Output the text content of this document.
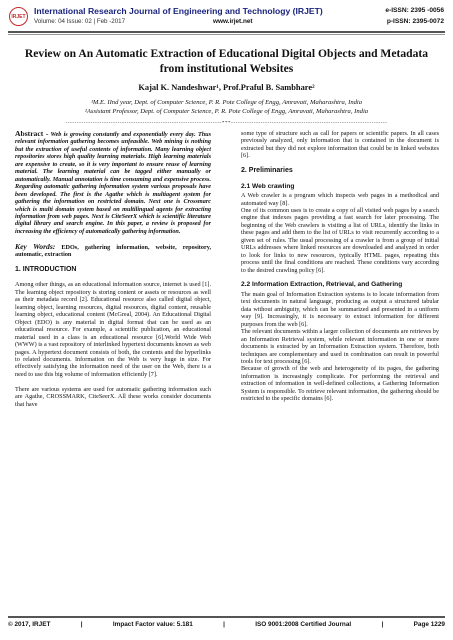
IRJET
International Research Journal of Engineering and Technology (IRJET)
Volume: 04 Issue: 02 | Feb -2017	www.irjet.net
e-ISSN: 2395 -0056
p-ISSN: 2395-0072
Review on An Automatic Extraction of Educational Digital Objects and Metadata from institutional Websites
Kajal K. Nandeshwar¹, Prof.Praful B. Sambhare²
¹M.E. IInd year, Dept. of Computer Science, P. R. Pote College of Engg, Amravati, Maharashtra, India
²Assistant Professor, Dept. of Computer Science, P. R. Pote College of Engg, Amravati, Maharashtra, India
---------------------------------------------------------------------***---------------------------------------------------------------------

Abstract - Web is growing constantly and exponentially every day. Thus relevant information gathering becomes unfeasible. Web mining is nothing but the extraction of useful contents of information. Many learning object repositories stores high quality learning materials. High learning materials are expensive to create, so it is very important to ensure reuse of learning material. The learning material can be tagged either manually or automatically. Manual annotation is time consuming and expensive process. Regarding automatic gathering information system various proposals have been developed. The first is the Agathe which is multiagent system for gathering the information on restricted domain. Next one is Crossmarc which is multi domain system based on multilingual agents for extracting information from web pages. Next is CiteSeerX which is scientific literature digital library and search engine. In this paper, a review is proposed for increasing the efficiency of automatically gathering information.

Key Words: EDOs, gathering information, website, repository, automatic, extraction

1. INTRODUCTION

Among other things, as an educational information source, internet is used [1]. The learning object repository is storing content or assets or resources as well as their metadata record [2]. Educational resource also called digital object, learning object, learning resources, digital resources, digital content, reusable learning object, educational content (McGreal, 2004). An Educational Digital Object (EDO) is any material in digital format that can be used as an educational resource. For example, a scientific publication, an educational material used in a class is an educational resource [6].World Wide Web (WWW) is a vast repository of interlinked hypertext documents known as web pages. A hypertext document consists of both, the contents and the hyperlinks to related documents. Information on the Web is very huge in size. For effectively satisfying the information need of the user on the Web, there is a need to use this big volume of information efficiently [7].

There are various systems are used for automatic gathering information such are Agathe, CROSSMARK, CiteSeerX. All these works consider documents that have

some type of structure such as call for papers or scientific papers. In all cases previously analyzed, only information that is contained in the document is extracted but they did not explore information that could be in linked websites [6].

2. Preliminaries
2.1 Web crawling

A Web crawler is a program which inspects web pages in a methodical and automated way [8].

One of its common uses is to create a copy of all visited web pages by a search engine that indexes pages providing a fast search for later processing. The beginning of the Web crawlers is visiting a list of URLs, identify the links in these pages and add them to the list of URLs to visit recurrently according to a given set of rules. The usual processing of a crawler is from a group of initial URLs addresses where linked resources are downloaded and analyzed in order to look for links to new resources, typically HTML pages, repeating this process until the final conditions are reached. These conditions vary according to the desired crawling policy [6].

2.2 Information Extraction, Retrieval, and Gathering

The main goal of Information Extraction systems is to locate information from text documents in natural language, producing as output a structured tabular data without ambiguity, which can be summarized and presented in a uniform way [9]. Increasingly, it is necessary to extract information for different purposes from the web [6].

The relevant documents within a larger collection of documents are retrieves by an Information Retrieval system, while relevant information in one or more documents is extracted by an Information Extraction system. Therefore, both techniques are complementary and used in combination can result in powerful tools for text processing [6].

Because of growth of the web and heterogeneity of its pages, the gathering information is increasingly complicate. For performing the retrieval and extraction of information in well-defined collections, a Gathering Information System is responsible. To retrieve relevant information, the gathering should be restricted to the specific domains [6].

© 2017, IRJET	|	Impact Factor value: 5.181	|	ISO 9001:2008 Certified Journal	|	Page 1229
